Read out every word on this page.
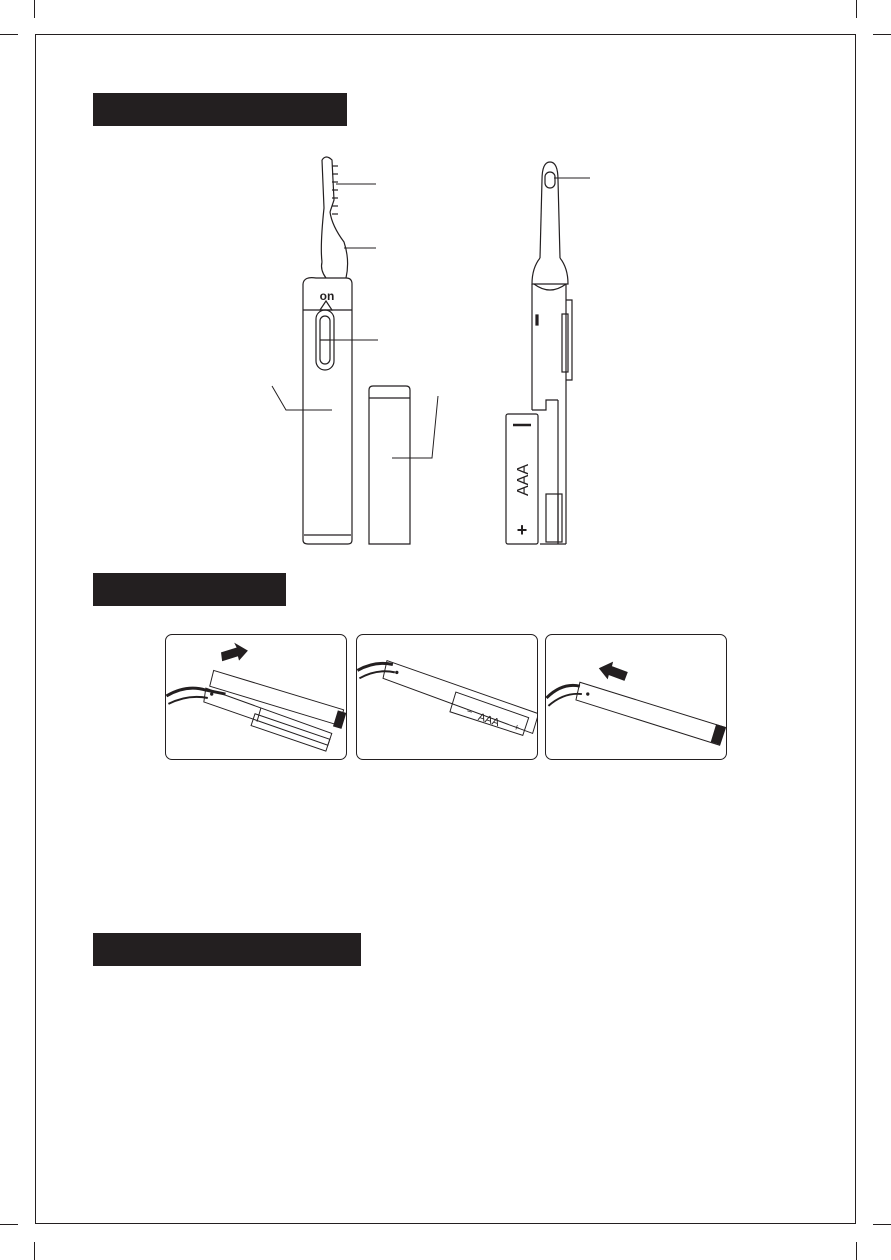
on
AAA
+
− AAA +
